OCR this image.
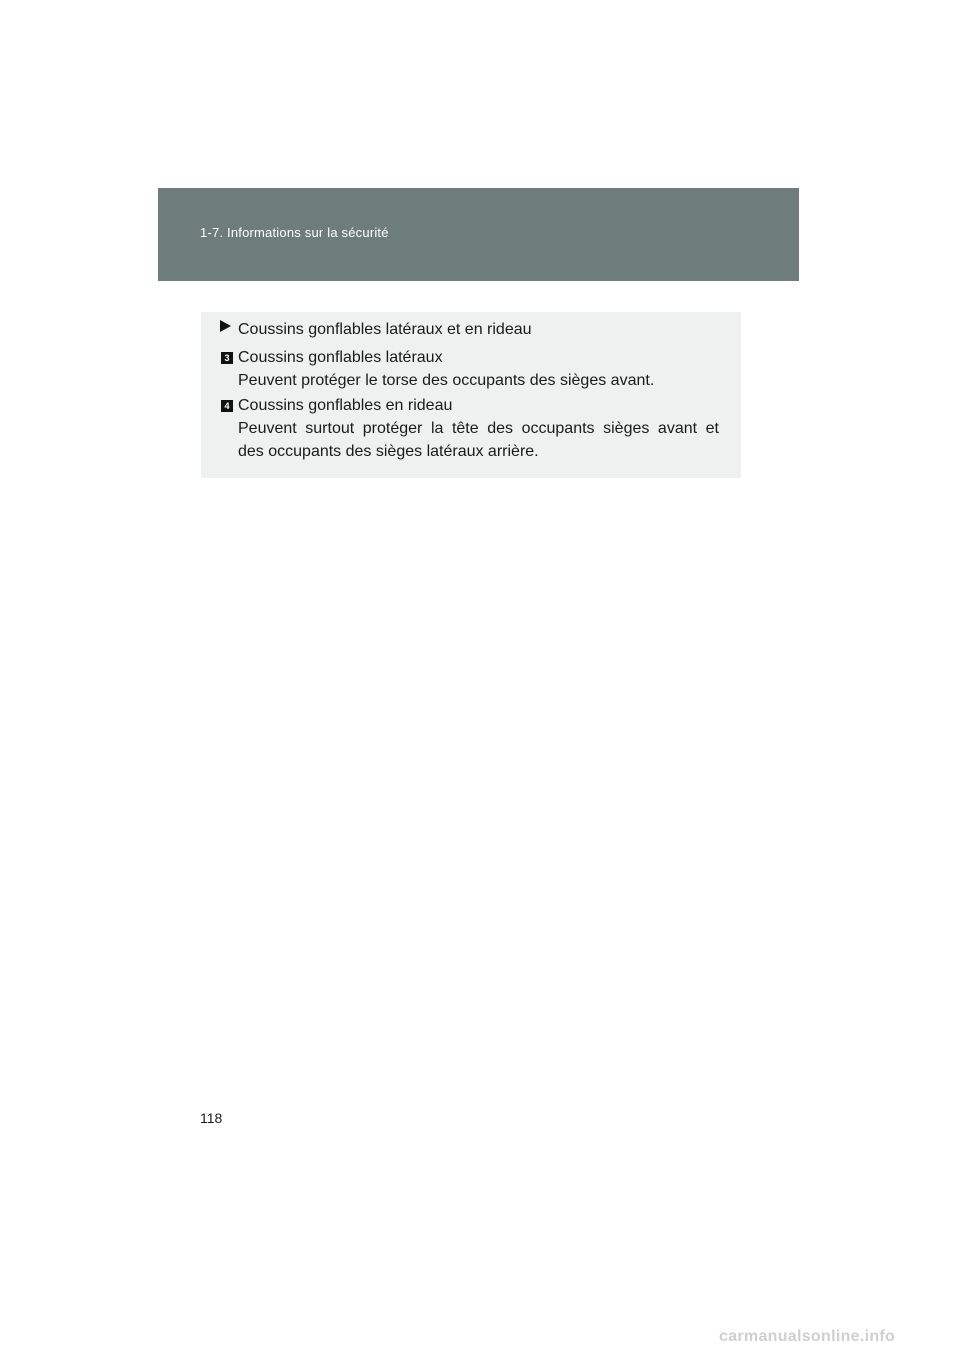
1-7. Informations sur la sécurité
Coussins gonflables latéraux et en rideau
3 Coussins gonflables latéraux
Peuvent protéger le torse des occupants des sièges avant.
4 Coussins gonflables en rideau
Peuvent surtout protéger la tête des occupants sièges avant et
des occupants des sièges latéraux arrière.
118
carmanualsonline.info
